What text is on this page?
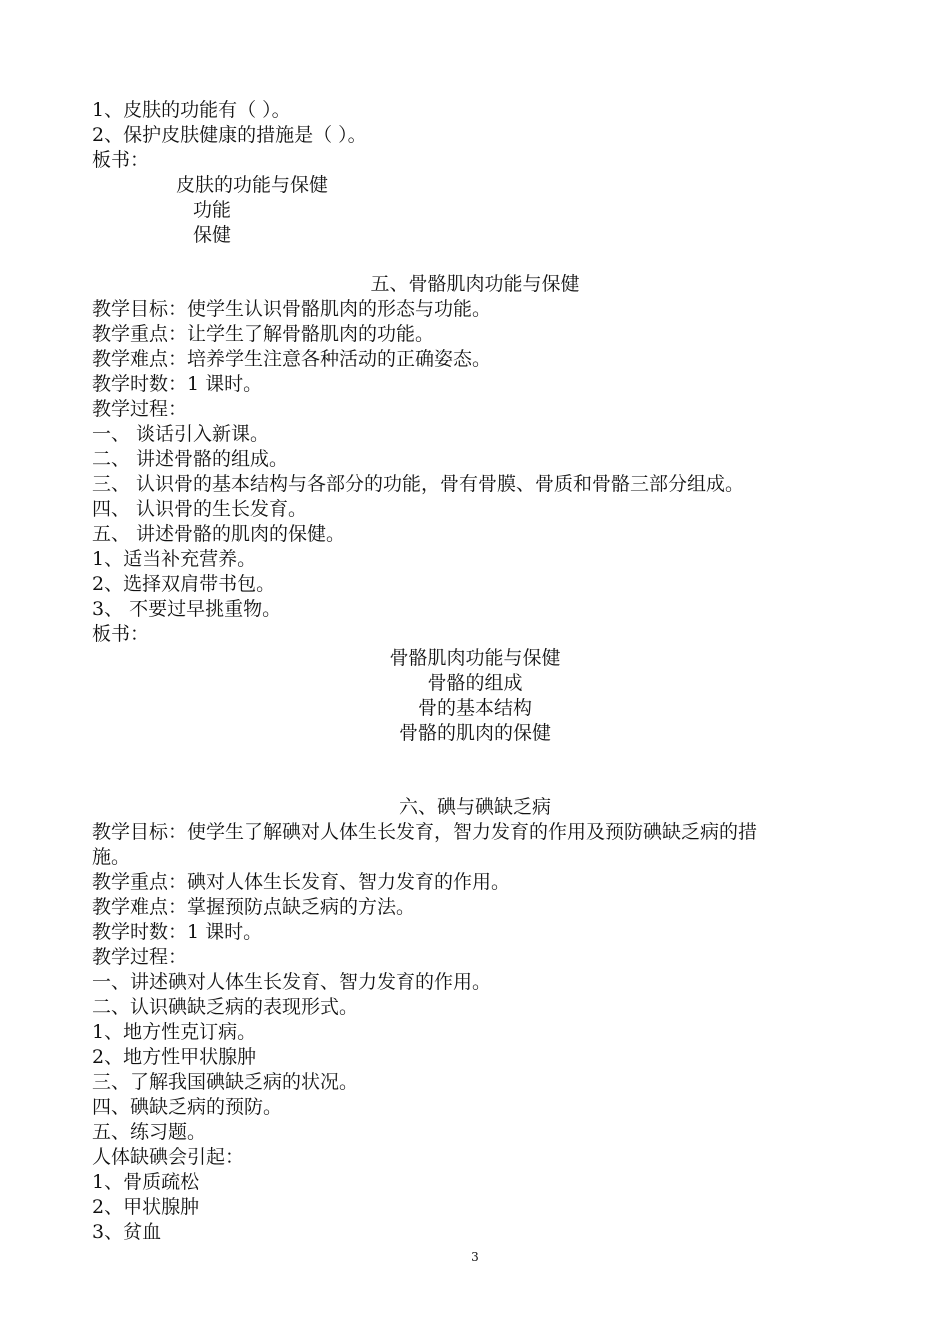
1、皮肤的功能有（ ）。
2、保护皮肤健康的措施是（ ）。
板书：
皮肤的功能与保健
功能
保健
五、骨骼肌肉功能与保健
教学目标：使学生认识骨骼肌肉的形态与功能。
教学重点：让学生了解骨骼肌肉的功能。
教学难点：培养学生注意各种活动的正确姿态。
教学时数：1 课时。
教学过程：
一、 谈话引入新课。
二、 讲述骨骼的组成。
三、 认识骨的基本结构与各部分的功能，骨有骨膜、骨质和骨骼三部分组成。
四、 认识骨的生长发育。
五、 讲述骨骼的肌肉的保健。
1、适当补充营养。
2、选择双肩带书包。
3、 不要过早挑重物。
板书：
骨骼肌肉功能与保健
骨骼的组成
骨的基本结构
骨骼的肌肉的保健
六、碘与碘缺乏病
教学目标：使学生了解碘对人体生长发育，智力发育的作用及预防碘缺乏病的措
施。
教学重点：碘对人体生长发育、智力发育的作用。
教学难点：掌握预防点缺乏病的方法。
教学时数：1 课时。
教学过程：
一、讲述碘对人体生长发育、智力发育的作用。
二、认识碘缺乏病的表现形式。
1、地方性克订病。
2、地方性甲状腺肿
三、了解我国碘缺乏病的状况。
四、碘缺乏病的预防。
五、练习题。
人体缺碘会引起：
1、骨质疏松
2、甲状腺肿
3、贫血
3
